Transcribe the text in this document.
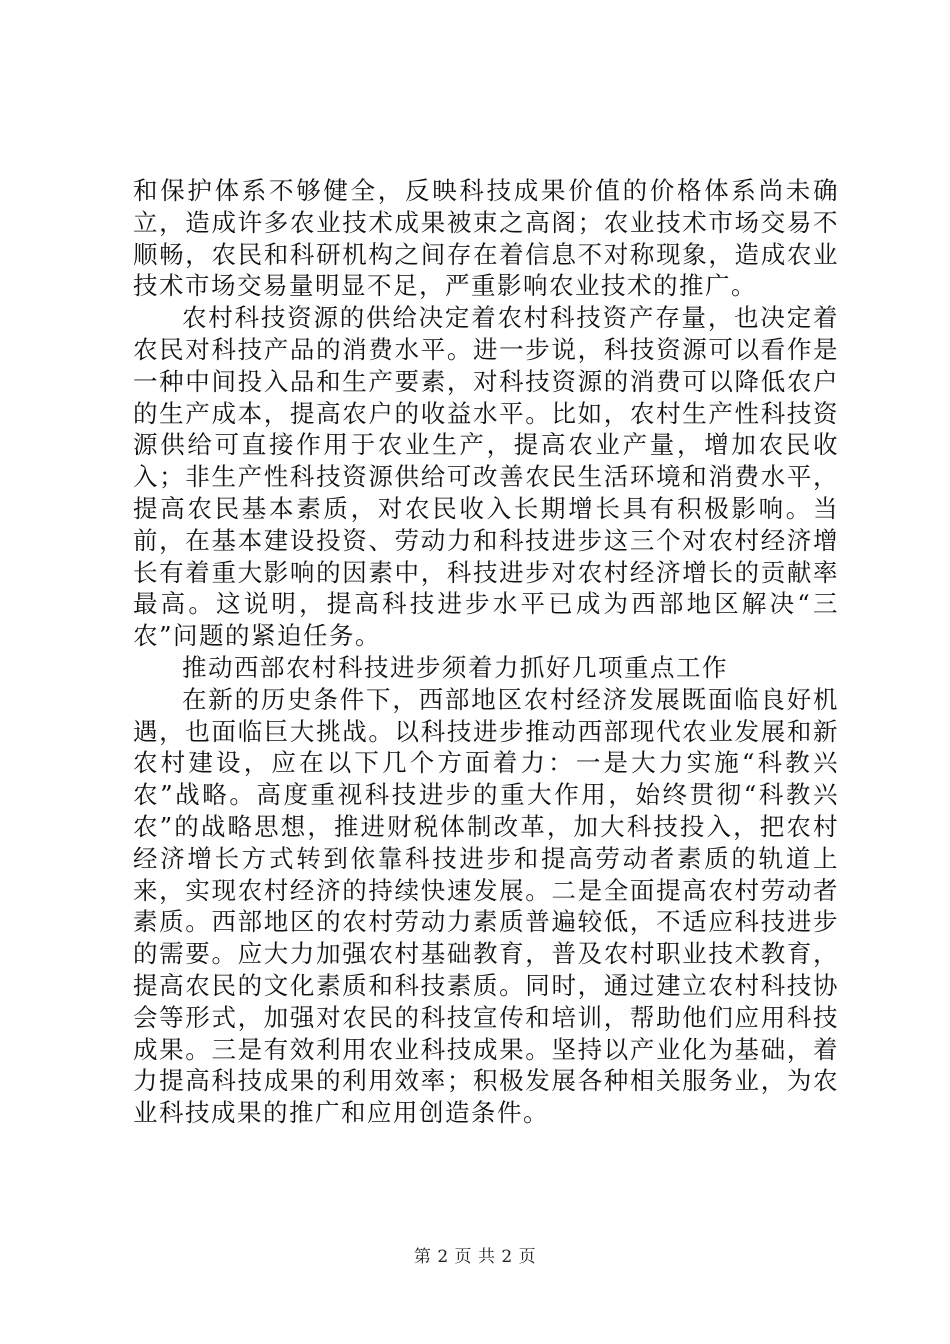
和保护体系不够健全，反映科技成果价值的价格体系尚未确立，造成许多农业技术成果被束之高阁；农业技术市场交易不顺畅，农民和科研机构之间存在着信息不对称现象，造成农业技术市场交易量明显不足，严重影响农业技术的推广。

农村科技资源的供给决定着农村科技资产存量，也决定着农民对科技产品的消费水平。进一步说，科技资源可以看作是一种中间投入品和生产要素，对科技资源的消费可以降低农户的生产成本，提高农户的收益水平。比如，农村生产性科技资源供给可直接作用于农业生产，提高农业产量，增加农民收入；非生产性科技资源供给可改善农民生活环境和消费水平，提高农民基本素质，对农民收入长期增长具有积极影响。当前，在基本建设投资、劳动力和科技进步这三个对农村经济增长有着重大影响的因素中，科技进步对农村经济增长的贡献率最高。这说明，提高科技进步水平已成为西部地区解决“三农”问题的紧迫任务。

推动西部农村科技进步须着力抓好几项重点工作

在新的历史条件下，西部地区农村经济发展既面临良好机遇，也面临巨大挑战。以科技进步推动西部现代农业发展和新农村建设，应在以下几个方面着力：一是大力实施“科教兴农”战略。高度重视科技进步的重大作用，始终贯彻“科教兴农”的战略思想，推进财税体制改革，加大科技投入，把农村经济增长方式转到依靠科技进步和提高劳动者素质的轨道上来，实现农村经济的持续快速发展。二是全面提高农村劳动者素质。西部地区的农村劳动力素质普遍较低，不适应科技进步的需要。应大力加强农村基础教育，普及农村职业技术教育，提高农民的文化素质和科技素质。同时，通过建立农村科技协会等形式，加强对农民的科技宣传和培训，帮助他们应用科技成果。三是有效利用农业科技成果。坚持以产业化为基础，着力提高科技成果的利用效率；积极发展各种相关服务业，为农业科技成果的推广和应用创造条件。

第 2 页 共 2 页
